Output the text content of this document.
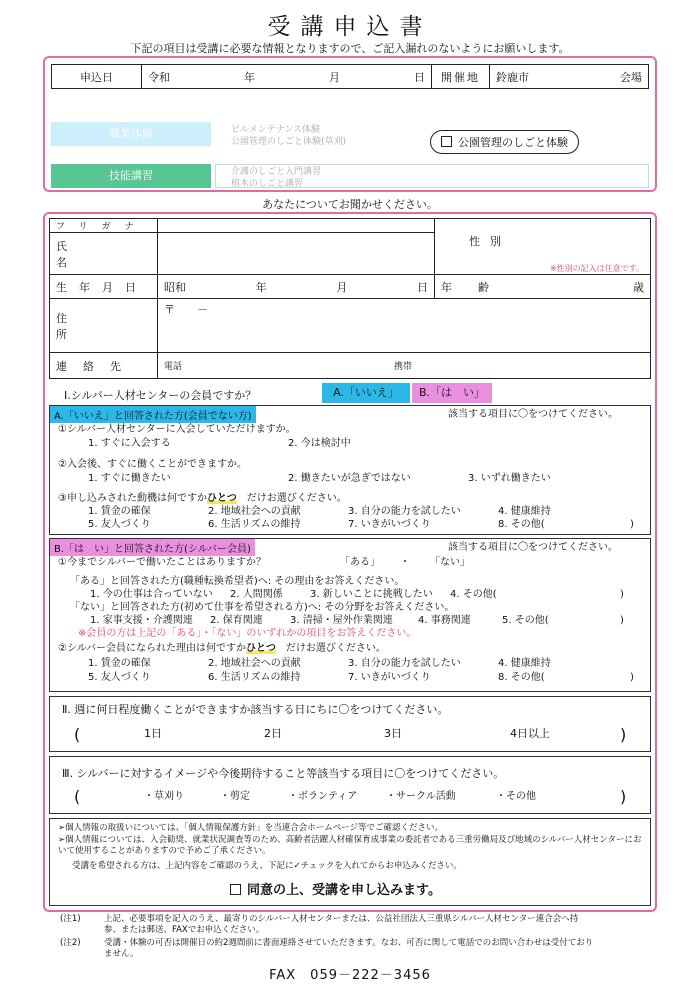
受講申込書
下記の項目は受講に必要な情報となりますので、ご記入漏れのないようにお願いします。
申込日	令和	年	月	日	開催地	鈴鹿市	会場
職業体験	ビルメンテナンス体験
公園管理のしごと体験(草刈)	公園管理のしごと体験
技能講習	介護のしごと入門講習
植木のしごと講習
あなたについてお聞かせください。
フリガナ		性別
※性別の記入は任意です。

氏名		

生年月日	昭和 年 月 日	年齢 歳

住所	〒　　－	

連絡先	電話 携帯	
Ⅰ.シルバー人材センターの会員ですか？	A.「いいえ」	B.「は　い」
A.「いいえ」と回答された方(会員でない方)	該当する項目に〇をつけてください。
①シルバー人材センターに入会していただけますか。
1. すぐに入会する	2. 今は検討中
②入会後、すぐに働くことができますか。
1. すぐに働きたい	2. 働きたいが急ぎではない	3. いずれ働きたい
③申し込みされた動機は何ですかひとつ　 だけお選びください。
1. 賃金の確保	2. 地域社会への貢献	3. 自分の能力を試したい	4. 健康維持
5. 友人づくり	6. 生活リズムの維持	7. いきがいづくり	8. その他(	)
B.「は　い」と回答された方(シルバー会員)	該当する項目に〇をつけてください。
①今までシルバーで働いたことはありますか？	「ある」 ・ 「ない」
「ある」と回答された方(職種転換希望者)へ: その理由をお答えください。
1. 今の仕事は合っていない 2. 人間関係	3. 新しいことに挑戦したい 4. その他(	)
「ない」と回答された方(初めて仕事を希望される方)へ: その分野をお答えください。
1. 家事支援・介護関連 2. 保育関連	3. 清掃・屋外作業関連	4. 事務関連	5. その他(	)
※会員の方は上記の「ある」・「ない」のいずれかの項目をお答えください。
②シルバー会員になられた理由は何ですかひとつ　 だけお選びください。
1. 賃金の確保	2. 地域社会への貢献	3. 自分の能力を試したい	4. 健康維持
5. 友人づくり	6. 生活リズムの維持	7. いきがいづくり	8. その他(	)
Ⅱ. 週に何日程度働くことができますか該当する日にちに〇をつけてください。
(	1日	2日	3日	4日以上	)
Ⅲ. シルバーに対するイメージや今後期待すること等該当する項目に〇をつけてください。
(	・草刈り	・剪定	・ボランティア	・サークル活動	・その他	)
➢個人情報の取扱いについては、「個人情報保護方針」を当連合会ホームページ等でご確認ください。
➢個人情報については、入会勧奨、就業状況調査等のため、高齢者活躍人材確保育成事業の委託者である三重労働局及び地域のシルバー人材センターにおいて使用することがありますので予めご了承ください。
受講を希望される方は、上記内容をご確認のうえ、下記に✓チェックを入れてからお申込みください。
同意の上、受講を申し込みます。
(注1)	上記、必要事項を記入のうえ、最寄りのシルバー人材センターまたは、公益社団法人三重県シルバー人材センター連合会へ持参、または郵送、FAXでお申込ください。
(注2)	受講・体験の可否は開催日の約2週間前に書面連絡させていただきます。なお、可否に関して電話でのお問い合わせは受付ておりません。
FAX　059－222－3456
